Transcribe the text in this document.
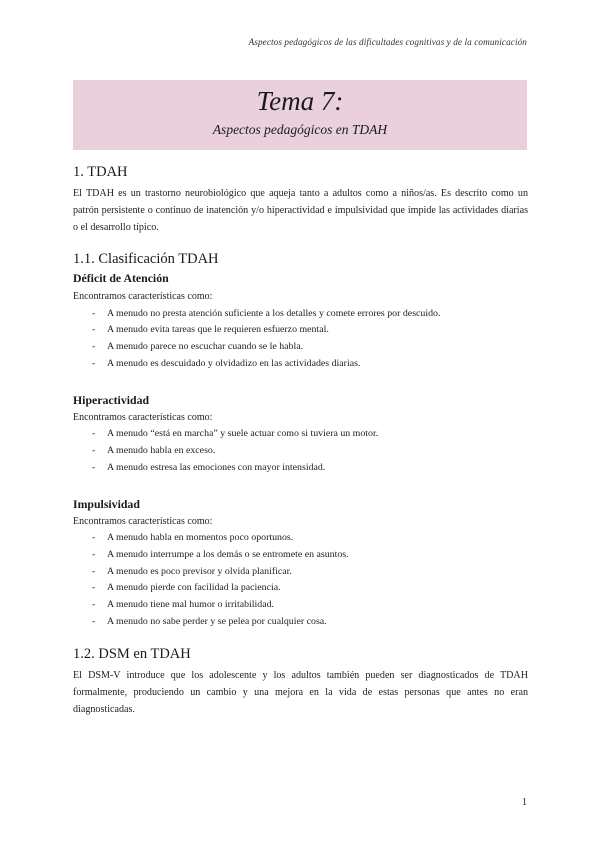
Aspectos pedagógicos de las dificultades cognitivas y de la comunicación
Tema 7:
Aspectos pedagógicos en TDAH
1. TDAH

El TDAH es un trastorno neurobiológico que aqueja tanto a adultos como a niños/as. Es descrito como un patrón persistente o continuo de inatención y/o hiperactividad e impulsividad que impide las actividades diarias o el desarrollo típico.

1.1. Clasificación TDAH
Déficit de Atención
Encontramos características como:
- A menudo no presta atención suficiente a los detalles y comete errores por descuido.
- A menudo evita tareas que le requieren esfuerzo mental.
- A menudo parece no escuchar cuando se le habla.
- A menudo es descuidado y olvidadizo en las actividades diarias.
Hiperactividad
Encontramos características como:
- A menudo “está en marcha” y suele actuar como si tuviera un motor.
- A menudo habla en exceso.
- A menudo estresa las emociones con mayor intensidad.
Impulsividad
Encontramos características como:
- A menudo habla en momentos poco oportunos.
- A menudo interrumpe a los demás o se entromete en asuntos.
- A menudo es poco previsor y olvida planificar.
- A menudo pierde con facilidad la paciencia.
- A menudo tiene mal humor o irritabilidad.
- A menudo no sabe perder y se pelea por cualquier cosa.
1.2. DSM en TDAH

El DSM-V introduce que los adolescente y los adultos también pueden ser diagnosticados de TDAH formalmente, produciendo un cambio y una mejora en la vida de estas personas que antes no eran diagnosticadas.

1
